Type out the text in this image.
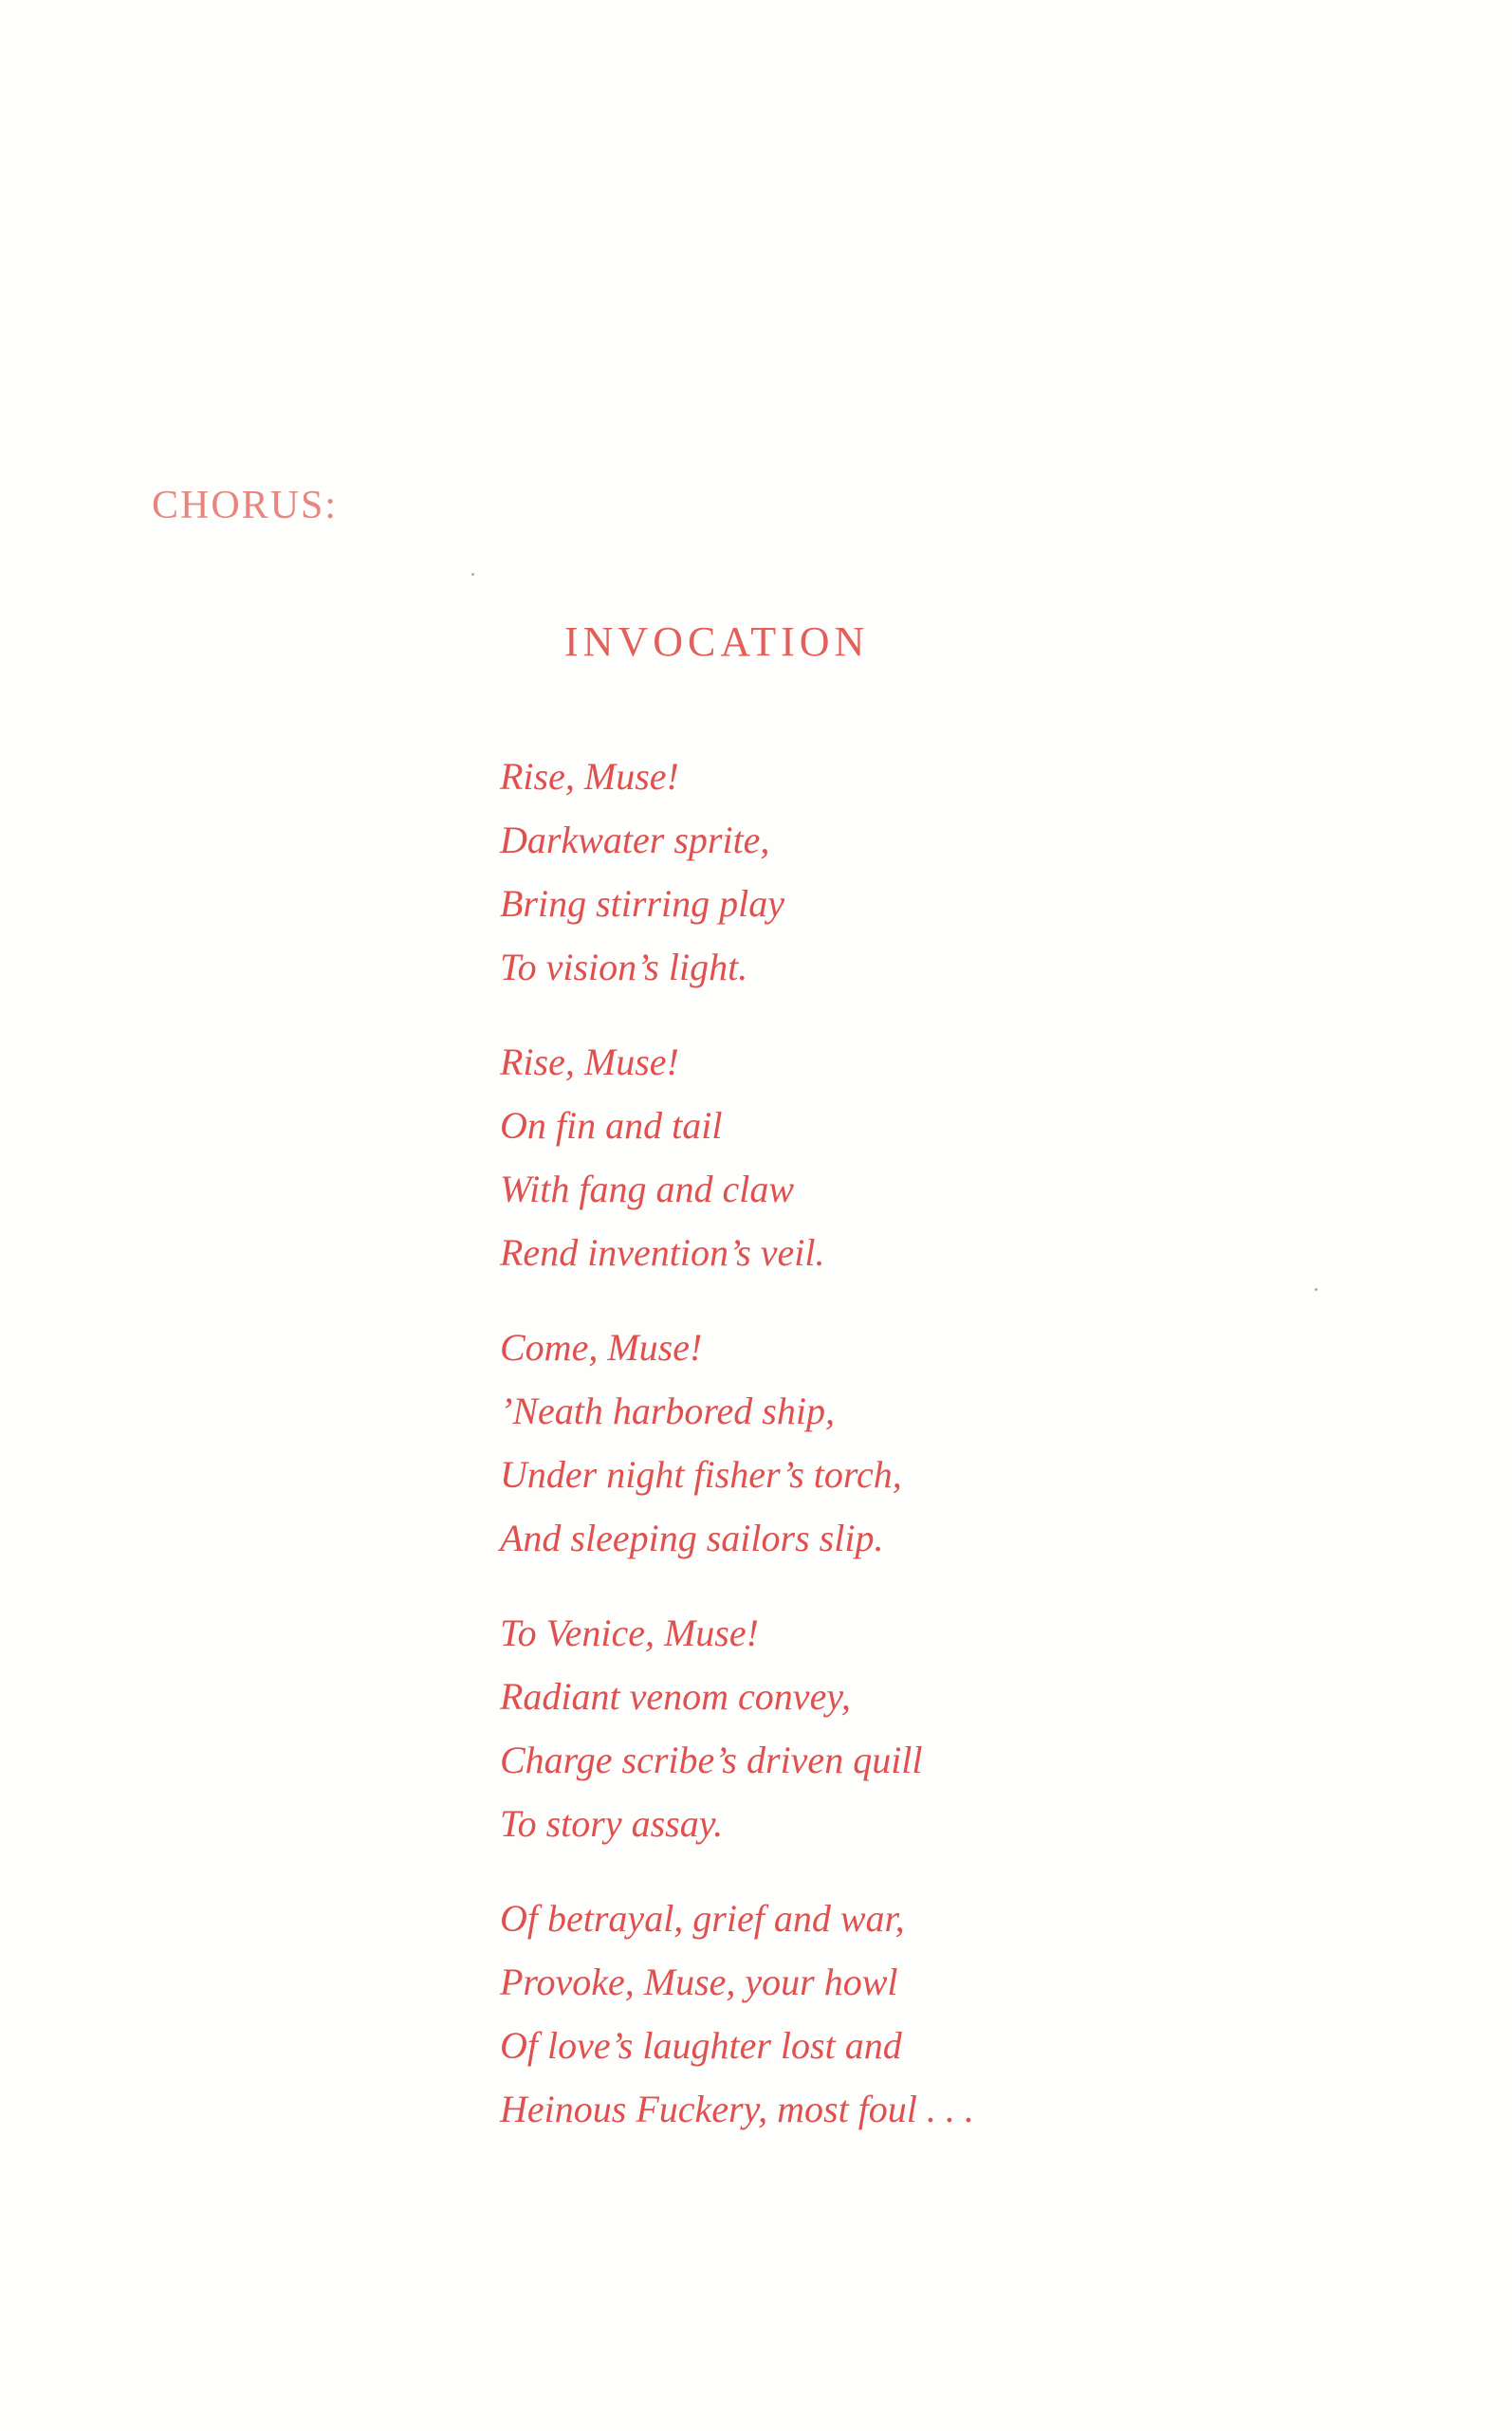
CHORUS:
INVOCATION
Rise, Muse!
Darkwater sprite,
Bring stirring play
To vision’s light.
Rise, Muse!
On fin and tail
With fang and claw
Rend invention’s veil.
Come, Muse!
’Neath harbored ship,
Under night fisher’s torch,
And sleeping sailors slip.
To Venice, Muse!
Radiant venom convey,
Charge scribe’s driven quill
To story assay.
Of betrayal, grief and war,
Provoke, Muse, your howl
Of love’s laughter lost and
Heinous Fuckery, most foul . . .
